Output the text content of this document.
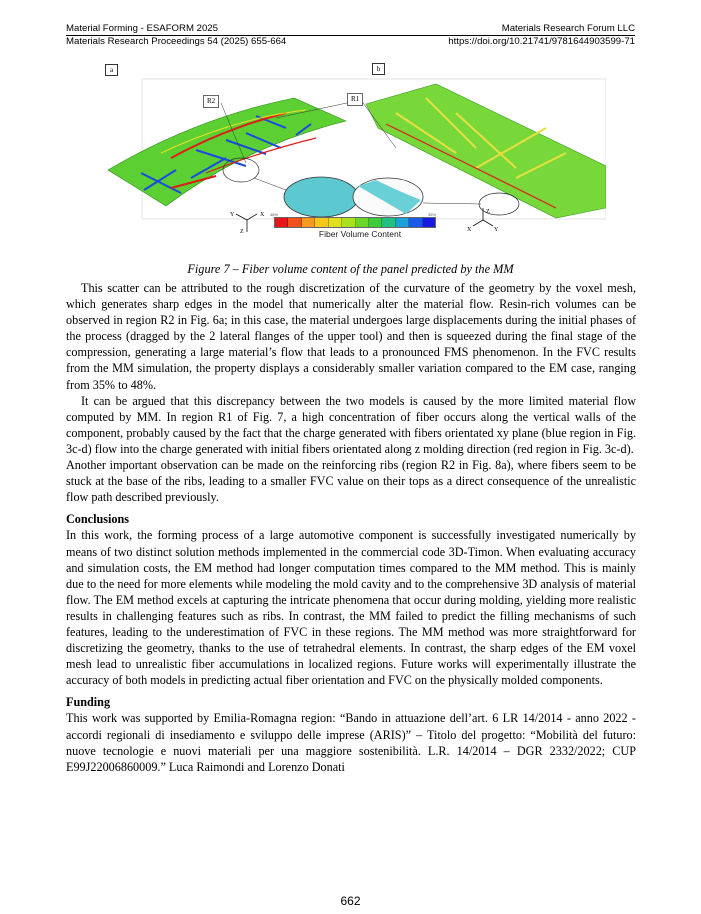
Material Forming - ESAFORM 2025	Materials Research Forum LLC
Materials Research Proceedings 54 (2025) 655-664	https://doi.org/10.21741/9781644903599-71
Y	X
Z
Z
X	Y
a	b
R2	R1
48%	35%
Fiber Volume Content
Figure 7 – Fiber volume content of the panel predicted by the MM

This scatter can be attributed to the rough discretization of the curvature of the geometry by the voxel mesh, which generates sharp edges in the model that numerically alter the material flow. Resin-rich volumes can be observed in region R2 in Fig. 6a; in this case, the material undergoes large displacements during the initial phases of the process (dragged by the 2 lateral flanges of the upper tool) and then is squeezed during the final stage of the compression, generating a large material’s flow that leads to a pronounced FMS phenomenon. In the FVC results from the MM simulation, the property displays a considerably smaller variation compared to the EM case, ranging from 35% to 48%.

It can be argued that this discrepancy between the two models is caused by the more limited material flow computed by MM. In region R1 of Fig. 7, a high concentration of fiber occurs along the vertical walls of the component, probably caused by the fact that the charge generated with fibers orientated xy plane (blue region in Fig. 3c-d) flow into the charge generated with initial fibers orientated along z molding direction (red region in Fig. 3c-d).

Another important observation can be made on the reinforcing ribs (region R2 in Fig. 8a), where fibers seem to be stuck at the base of the ribs, leading to a smaller FVC value on their tops as a direct consequence of the unrealistic flow path described previously.

Conclusions

In this work, the forming process of a large automotive component is successfully investigated numerically by means of two distinct solution methods implemented in the commercial code 3D-Timon. When evaluating accuracy and simulation costs, the EM method had longer computation times compared to the MM method. This is mainly due to the need for more elements while modeling the mold cavity and to the comprehensive 3D analysis of material flow. The EM method excels at capturing the intricate phenomena that occur during molding, yielding more realistic results in challenging features such as ribs. In contrast, the MM failed to predict the filling mechanisms of such features, leading to the underestimation of FVC in these regions. The MM method was more straightforward for discretizing the geometry, thanks to the use of tetrahedral elements. In contrast, the sharp edges of the EM voxel mesh lead to unrealistic fiber accumulations in localized regions. Future works will experimentally illustrate the accuracy of both models in predicting actual fiber orientation and FVC on the physically molded components.

Funding

This work was supported by Emilia-Romagna region: “Bando in attuazione dell’art. 6 LR 14/2014 - anno 2022 - accordi regionali di insediamento e sviluppo delle imprese (ARIS)” – Titolo del progetto: “Mobilità del futuro: nuove tecnologie e nuovi materiali per una maggiore sostenibilità. L.R. 14/2014 – DGR 2332/2022; CUP E99J22006860009.” Luca Raimondi and Lorenzo Donati

662
